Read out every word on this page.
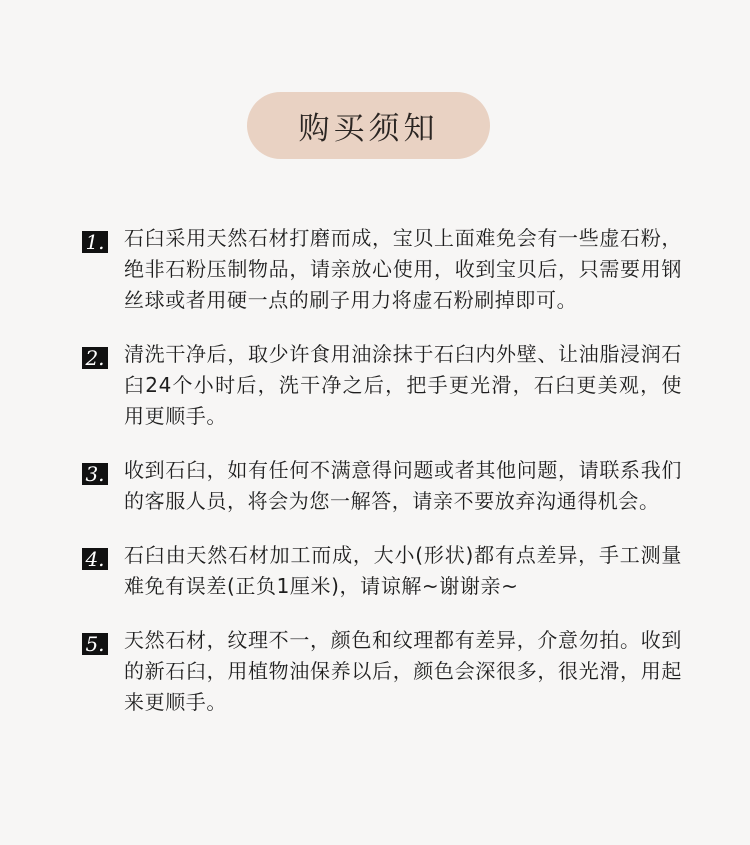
购买须知
1. 石臼采用天然石材打磨而成，宝贝上面难免会有一些虚石粉，绝非石粉压制物品，请亲放心使用，收到宝贝后，只需要用钢丝球或者用硬一点的刷子用力将虚石粉刷掉即可。
2. 清洗干净后，取少许食用油涂抹于石臼内外壁、让油脂浸润石臼24个小时后，洗干净之后，把手更光滑，石臼更美观，使用更顺手。
3. 收到石臼，如有任何不满意得问题或者其他问题，请联系我们的客服人员，将会为您一解答，请亲不要放弃沟通得机会。
4. 石臼由天然石材加工而成，大小(形状)都有点差异，手工测量难免有误差(正负1厘米)，请谅解~谢谢亲~
5. 天然石材，纹理不一，颜色和纹理都有差异，介意勿拍。收到的新石臼，用植物油保养以后，颜色会深很多，很光滑，用起来更顺手。
